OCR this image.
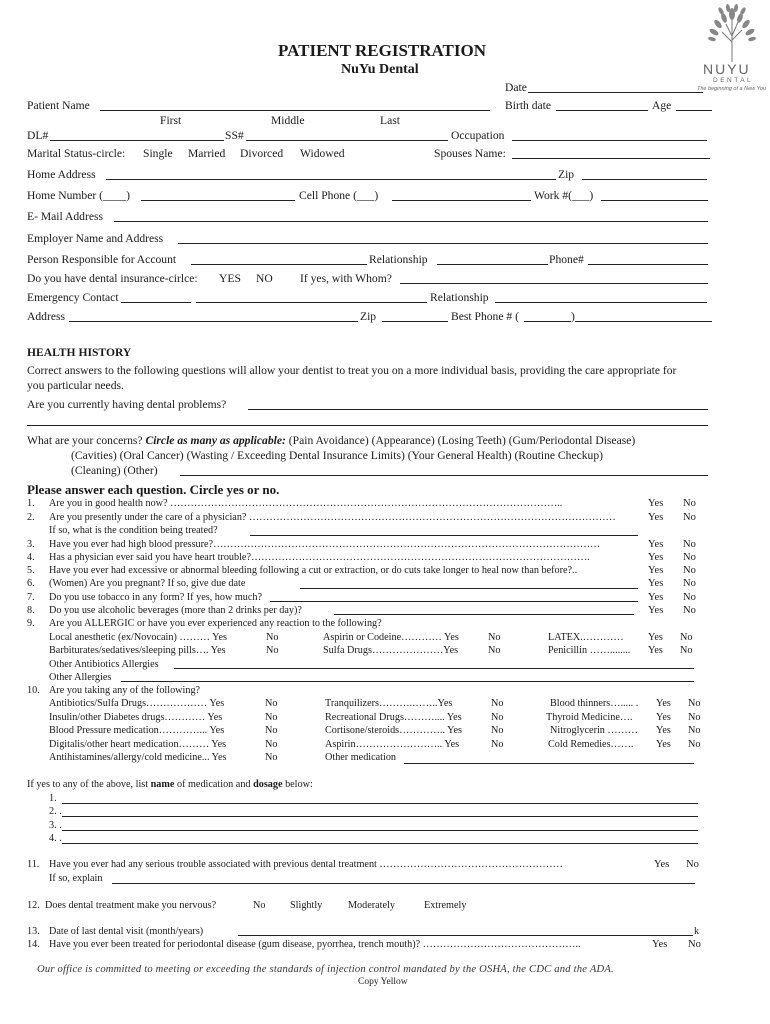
NUYU
DENTAL
The beginning of a New You
PATIENT REGISTRATION
NuYu Dental
Date
Patient Name	Birth date	Age
First	Middle	Last
DL#	SS#	Occupation
Marital Status-circle: Single Married Divorced Widowed	Spouses Name:
Home Address	Zip
Home Number (____)	Cell Phone (___)	Work #(___)
E- Mail Address
Employer Name and Address
Person Responsible for Account	Relationship	Phone#
Do you have dental insurance-cirlce: YES NO If yes, with Whom?
Emergency Contact	Relationship
Address	Zip	Best Phone # (	)
HEALTH HISTORY
Correct answers to the following questions will allow your dentist to treat you on a more individual basis, providing the care appropriate for
you particular needs.
Are you currently having dental problems?
What are your concerns? Circle as many as applicable: (Pain Avoidance) (Appearance) (Losing Teeth) (Gum/Periodontal Disease)
(Cavities) (Oral Cancer) (Wasting / Exceeding Dental Insurance Limits) (Your General Health) (Routine Checkup)
(Cleaning) (Other)
Please answer each question. Circle yes or no.
1. Are you in good health now? ……………………………………………………………………………………………………..	Yes No
2. Are you presently under the care of a physician? ………………………………………………………………………………………………	Yes No
If so, what is the condition being treated?
3. Have you ever had high blood pressure?……………………………………………………………………………………………………	Yes No
4. Has a physician ever said you have heart trouble?……………………………………………………………………………………….	Yes No
5. Have you ever had excessive or abnormal bleeding following a cut or extraction, or do cuts take longer to heal now than before?..	Yes No
6. (Women) Are you pregnant? If so, give due date	Yes No
7. Do you use tobacco in any form? If yes, how much?	Yes No
8. Do you use alcoholic beverages (more than 2 drinks per day)?	Yes No
9. Are you ALLERGIC or have you ever experienced any reaction to the following?
Local anesthetic (ex/Novocain) ……… Yes	No	Aspirin or Codeine………… Yes	No	LATEX.………… Yes No
Barbiturates/sedatives/sleeping pills…. Yes	No	Sulfa Drugs…………………Yes	No	Penicillin ……........ Yes No
Other Antibiotics Allergies
Other Allergies
10. Are you taking any of the following?
Antibiotics/Sulfa Drugs……………… Yes	No	Tranquilizers……….……..Yes	No	Blood thinners…..... . Yes No
Insulin/other Diabetes drugs………… Yes	No	Recreational Drugs……….... Yes	No	Thyroid Medicine…. Yes No
Blood Pressure medication…………... Yes	No	Cortisone/steroids………….. Yes	No	Nitroglycerin ……… Yes No
Digitalis/other heart medication……… Yes	No	Aspirin…………………….. Yes	No	Cold Remedies……. Yes No
Antihistamines/allergy/cold medicine... Yes	No	Other medication
If yes to any of the above, list name of medication and dosage below:
1.
2. .
3. .
4. .
11. Have you ever had any serious trouble associated with previous dental treatment ………………………………………………	Yes No
If so, explain
12. Does dental treatment make you nervous?	No Slightly	Moderately	Extremely
13. Date of last dental visit (month/years)	k
14. Have you ever been treated for periodontal disease (gum disease, pyorrhea, trench mouth)? ………………………………………..	Yes No
Our office is committed to meeting or exceeding the standards of injection control mandated by the OSHA, the CDC and the ADA.
Copy Yellow
